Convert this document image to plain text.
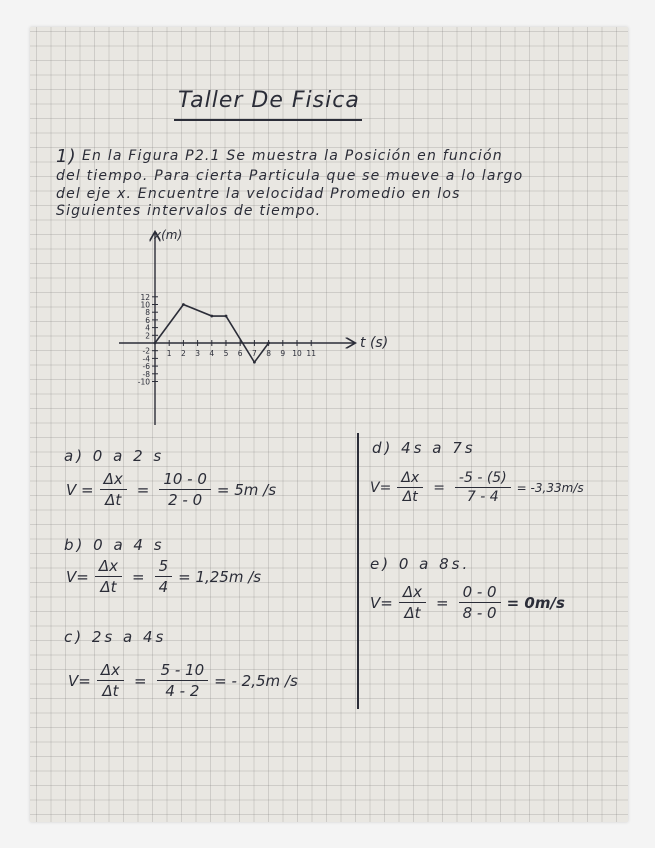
Taller De Fisica
1) En la Figura P2.1 Se muestra la Posición en función
del tiempo. Para cierta Particula que se mueve a lo largo
del eje x. Encuentre la velocidad Promedio en los
Siguientes intervalos de tiempo.
1 2 3 4 5 6 7 8 9 10 11
12
10
8
6
4
2
-2
-4
-6
-8
-10
t (s)
x(m)
a) 0 a 2 s
$V = \frac{\Delta x}{\Delta t} = \frac{10 - 0}{2 - 0} = 5m$ /s
b) 0 a 4 s
$V= \frac{\Delta x}{\Delta t} = \frac{5}{4} = 1,25m$ /s
c) 2s a 4s
$V= \frac{\Delta x}{\Delta t} = \frac{5 - 10}{4 - 2}$ = - 2,5m /s
d) 4s a 7s
$V= \frac{\Delta x}{\Delta t} = \frac{-5 - (5)}{7 - 4} = -3,33m/s$
e) 0 a 8s.
$V= \frac{\Delta x}{\Delta t} = \frac{0 - 0}{8 - 0} = 0m/s$
